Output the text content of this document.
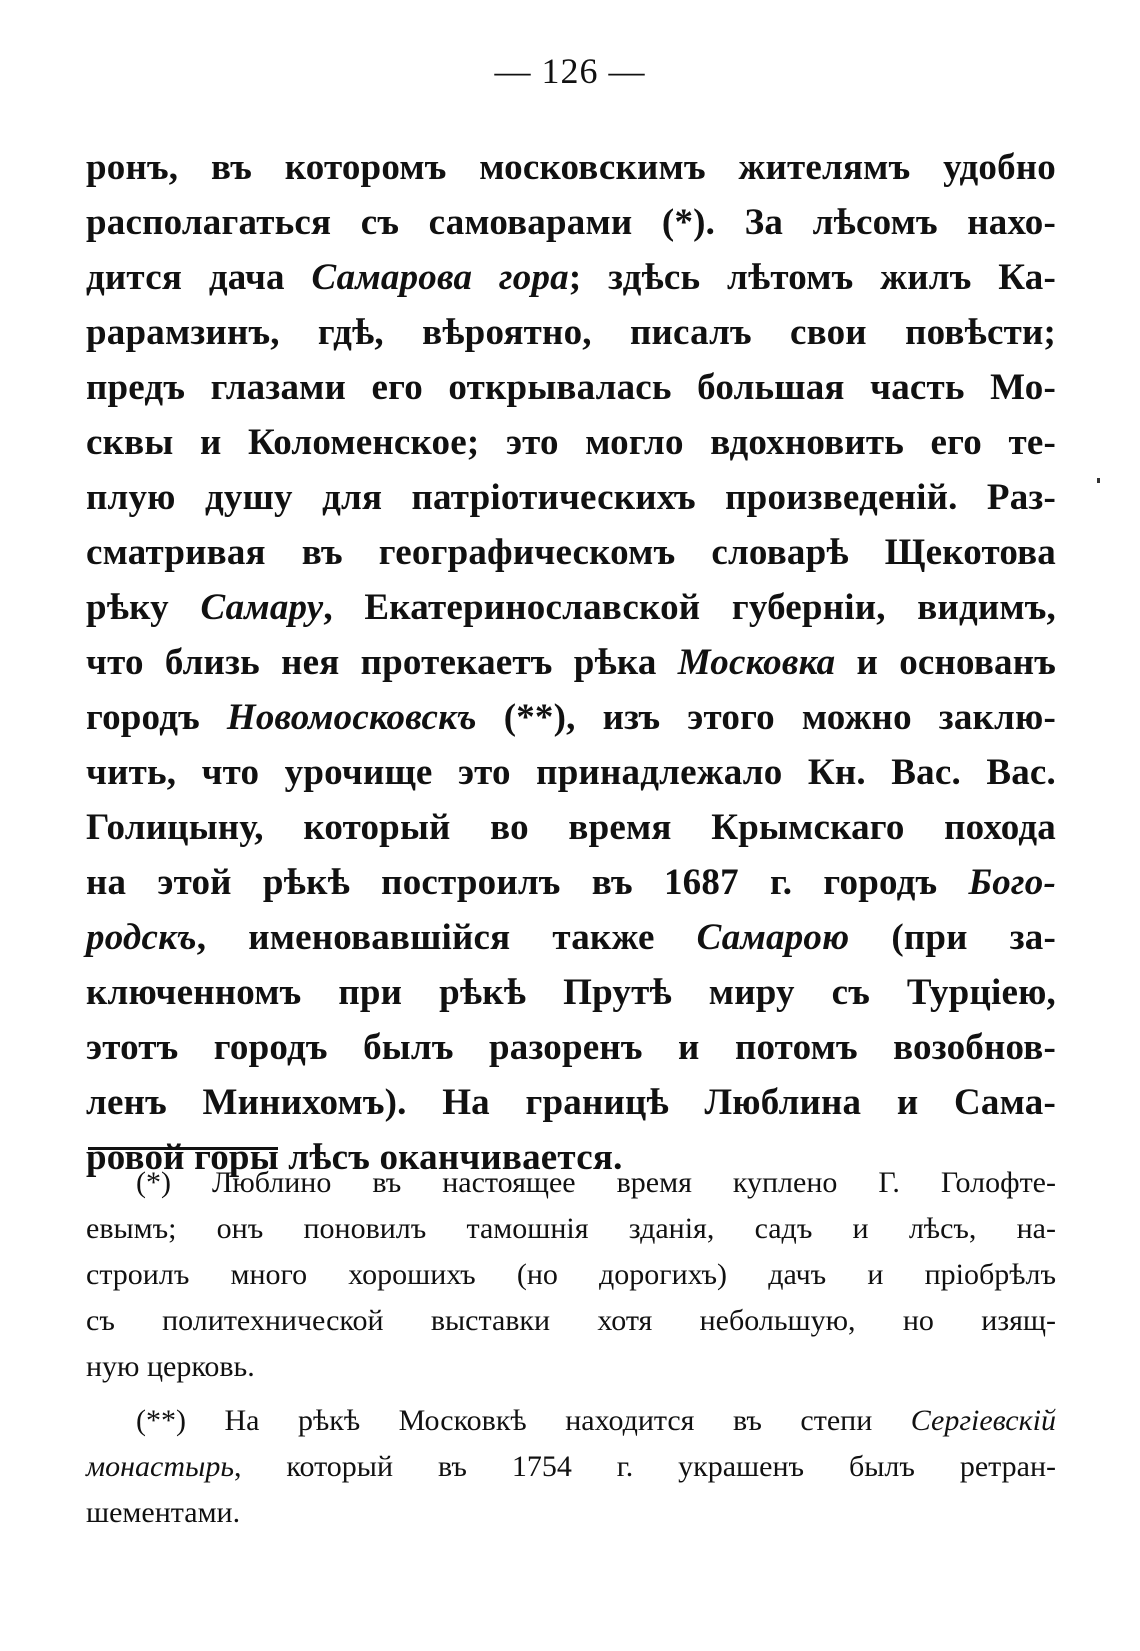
— 126 —
ронъ, въ которомъ московскимъ жителямъ удобно
располагаться съ самоварами (*). За лѣсомъ нахо-
дится дача Самарова гора; здѣсь лѣтомъ жилъ Ка-
рарамзинъ, гдѣ, вѣроятно, писалъ свои повѣсти;
предъ глазами его открывалась большая часть Мо-
сквы и Коломенское; это могло вдохновить его те-
плую душу для патріотическихъ произведеній. Раз-
сматривая въ географическомъ словарѣ Щекотова
рѣку Самару, Екатеринославской губерніи, видимъ,
что близь нея протекаетъ рѣка Московка и основанъ
городъ Новомосковскъ (**), изъ этого можно заклю-
чить, что урочище это принадлежало Кн. Вас. Вас.
Голицыну, который во время Крымскаго похода
на этой рѣкѣ построилъ въ 1687 г. городъ Бого-
родскъ, именовавшійся также Самарою (при за-
ключенномъ при рѣкѣ Прутѣ миру съ Турціею,
этотъ городъ былъ разоренъ и потомъ возобнов-
ленъ Минихомъ). На границѣ Люблина и Сама-
ровой горы лѣсъ оканчивается.
(*) Люблино въ настоящее время куплено Г. Голофте-
евымъ; онъ поновилъ тамошнія зданія, садъ и лѣсъ, на-
строилъ много хорошихъ (но дорогихъ) дачъ и пріобрѣлъ
съ политехнической выставки хотя небольшую, но изящ-
ную церковь.
(**) На рѣкѣ Московкѣ находится въ степи Сергіевскій
монастырь, который въ 1754 г. украшенъ былъ ретран-
шементами.
